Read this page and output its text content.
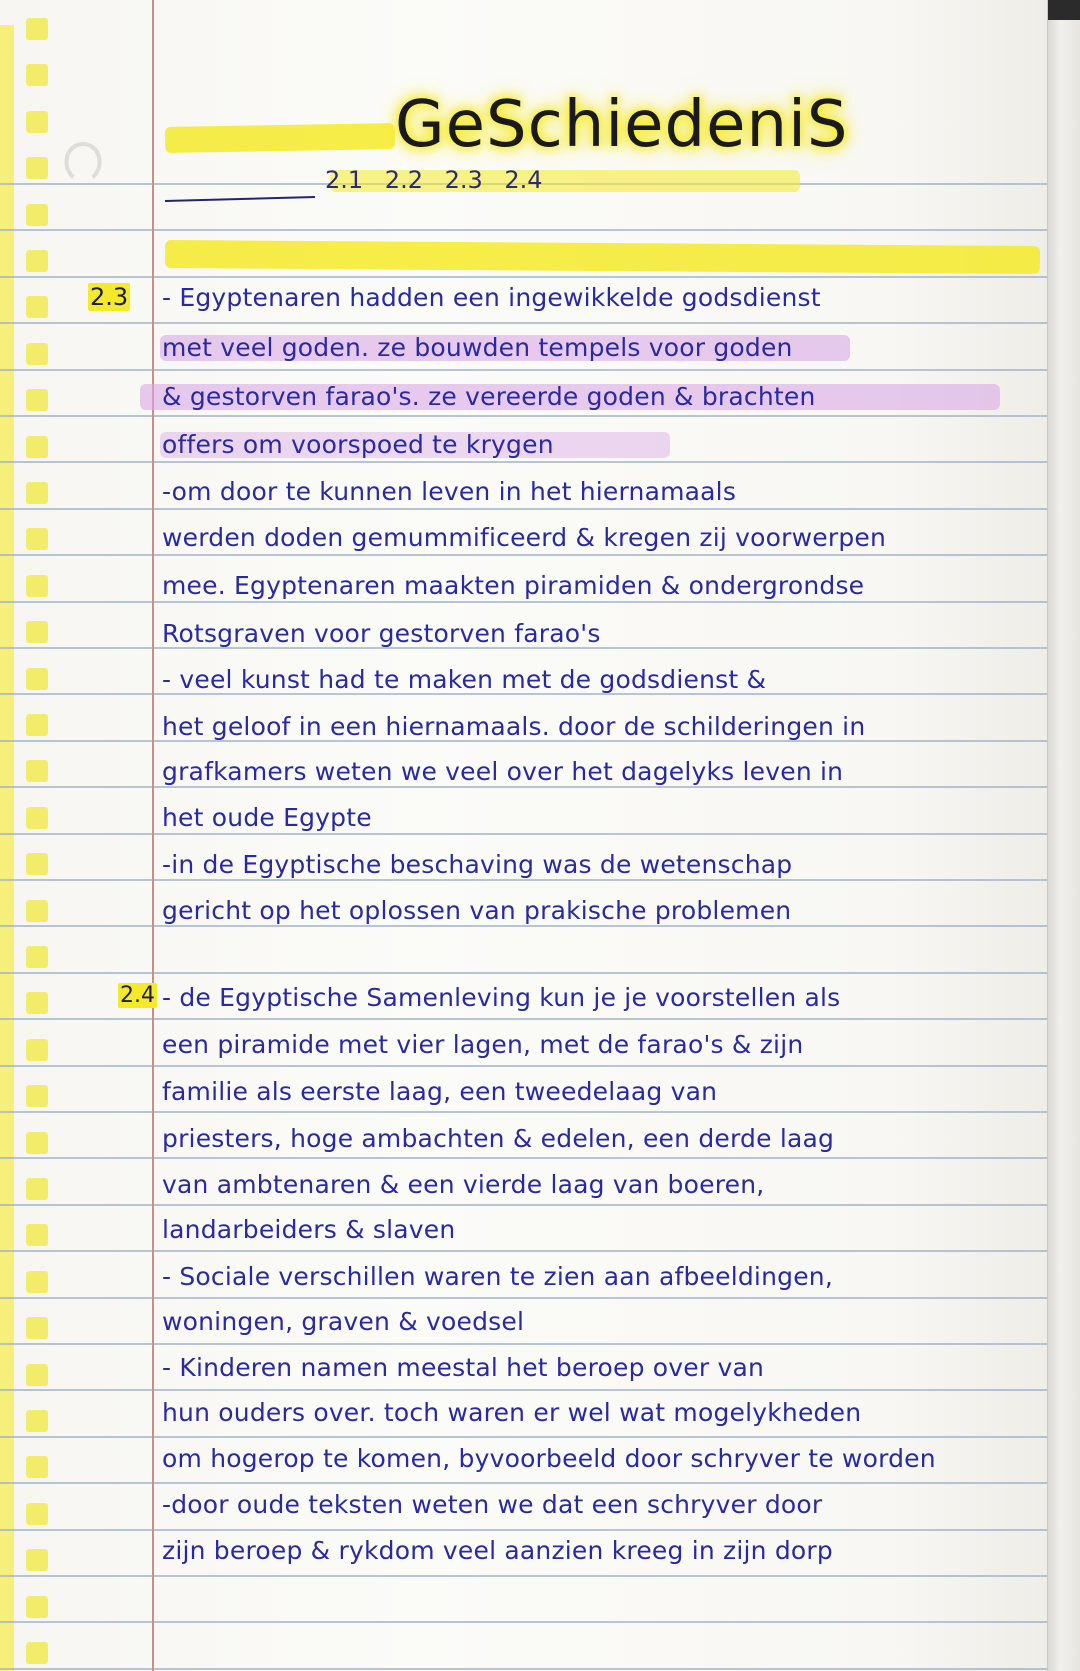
ဂ	GeSchiedeniS
2.1 2.2 2.3 2.4
2.3 - Egyptenaren hadden een ingewikkelde godsdienst
met veel goden. ze bouwden tempels voor goden
& gestorven farao's. ze vereerde goden & brachten
offers om voorspoed te krygen
-om door te kunnen leven in het hiernamaals
werden doden gemummificeerd & kregen zij voorwerpen
mee. Egyptenaren maakten piramiden & ondergrondse
Rotsgraven voor gestorven farao's
- veel kunst had te maken met de godsdienst &
het geloof in een hiernamaals. door de schilderingen in
grafkamers weten we veel over het dagelyks leven in
het oude Egypte
-in de Egyptische beschaving was de wetenschap
gericht op het oplossen van prakische problemen
2.4 - de Egyptische Samenleving kun je je voorstellen als
een piramide met vier lagen, met de farao's & zijn
familie als eerste laag, een tweedelaag van
priesters, hoge ambachten & edelen, een derde laag
van ambtenaren & een vierde laag van boeren,
landarbeiders & slaven
- Sociale verschillen waren te zien aan afbeeldingen,
woningen, graven & voedsel
- Kinderen namen meestal het beroep over van
hun ouders over. toch waren er wel wat mogelykheden
om hogerop te komen, byvoorbeeld door schryver te worden
-door oude teksten weten we dat een schryver door
zijn beroep & rykdom veel aanzien kreeg in zijn dorp
